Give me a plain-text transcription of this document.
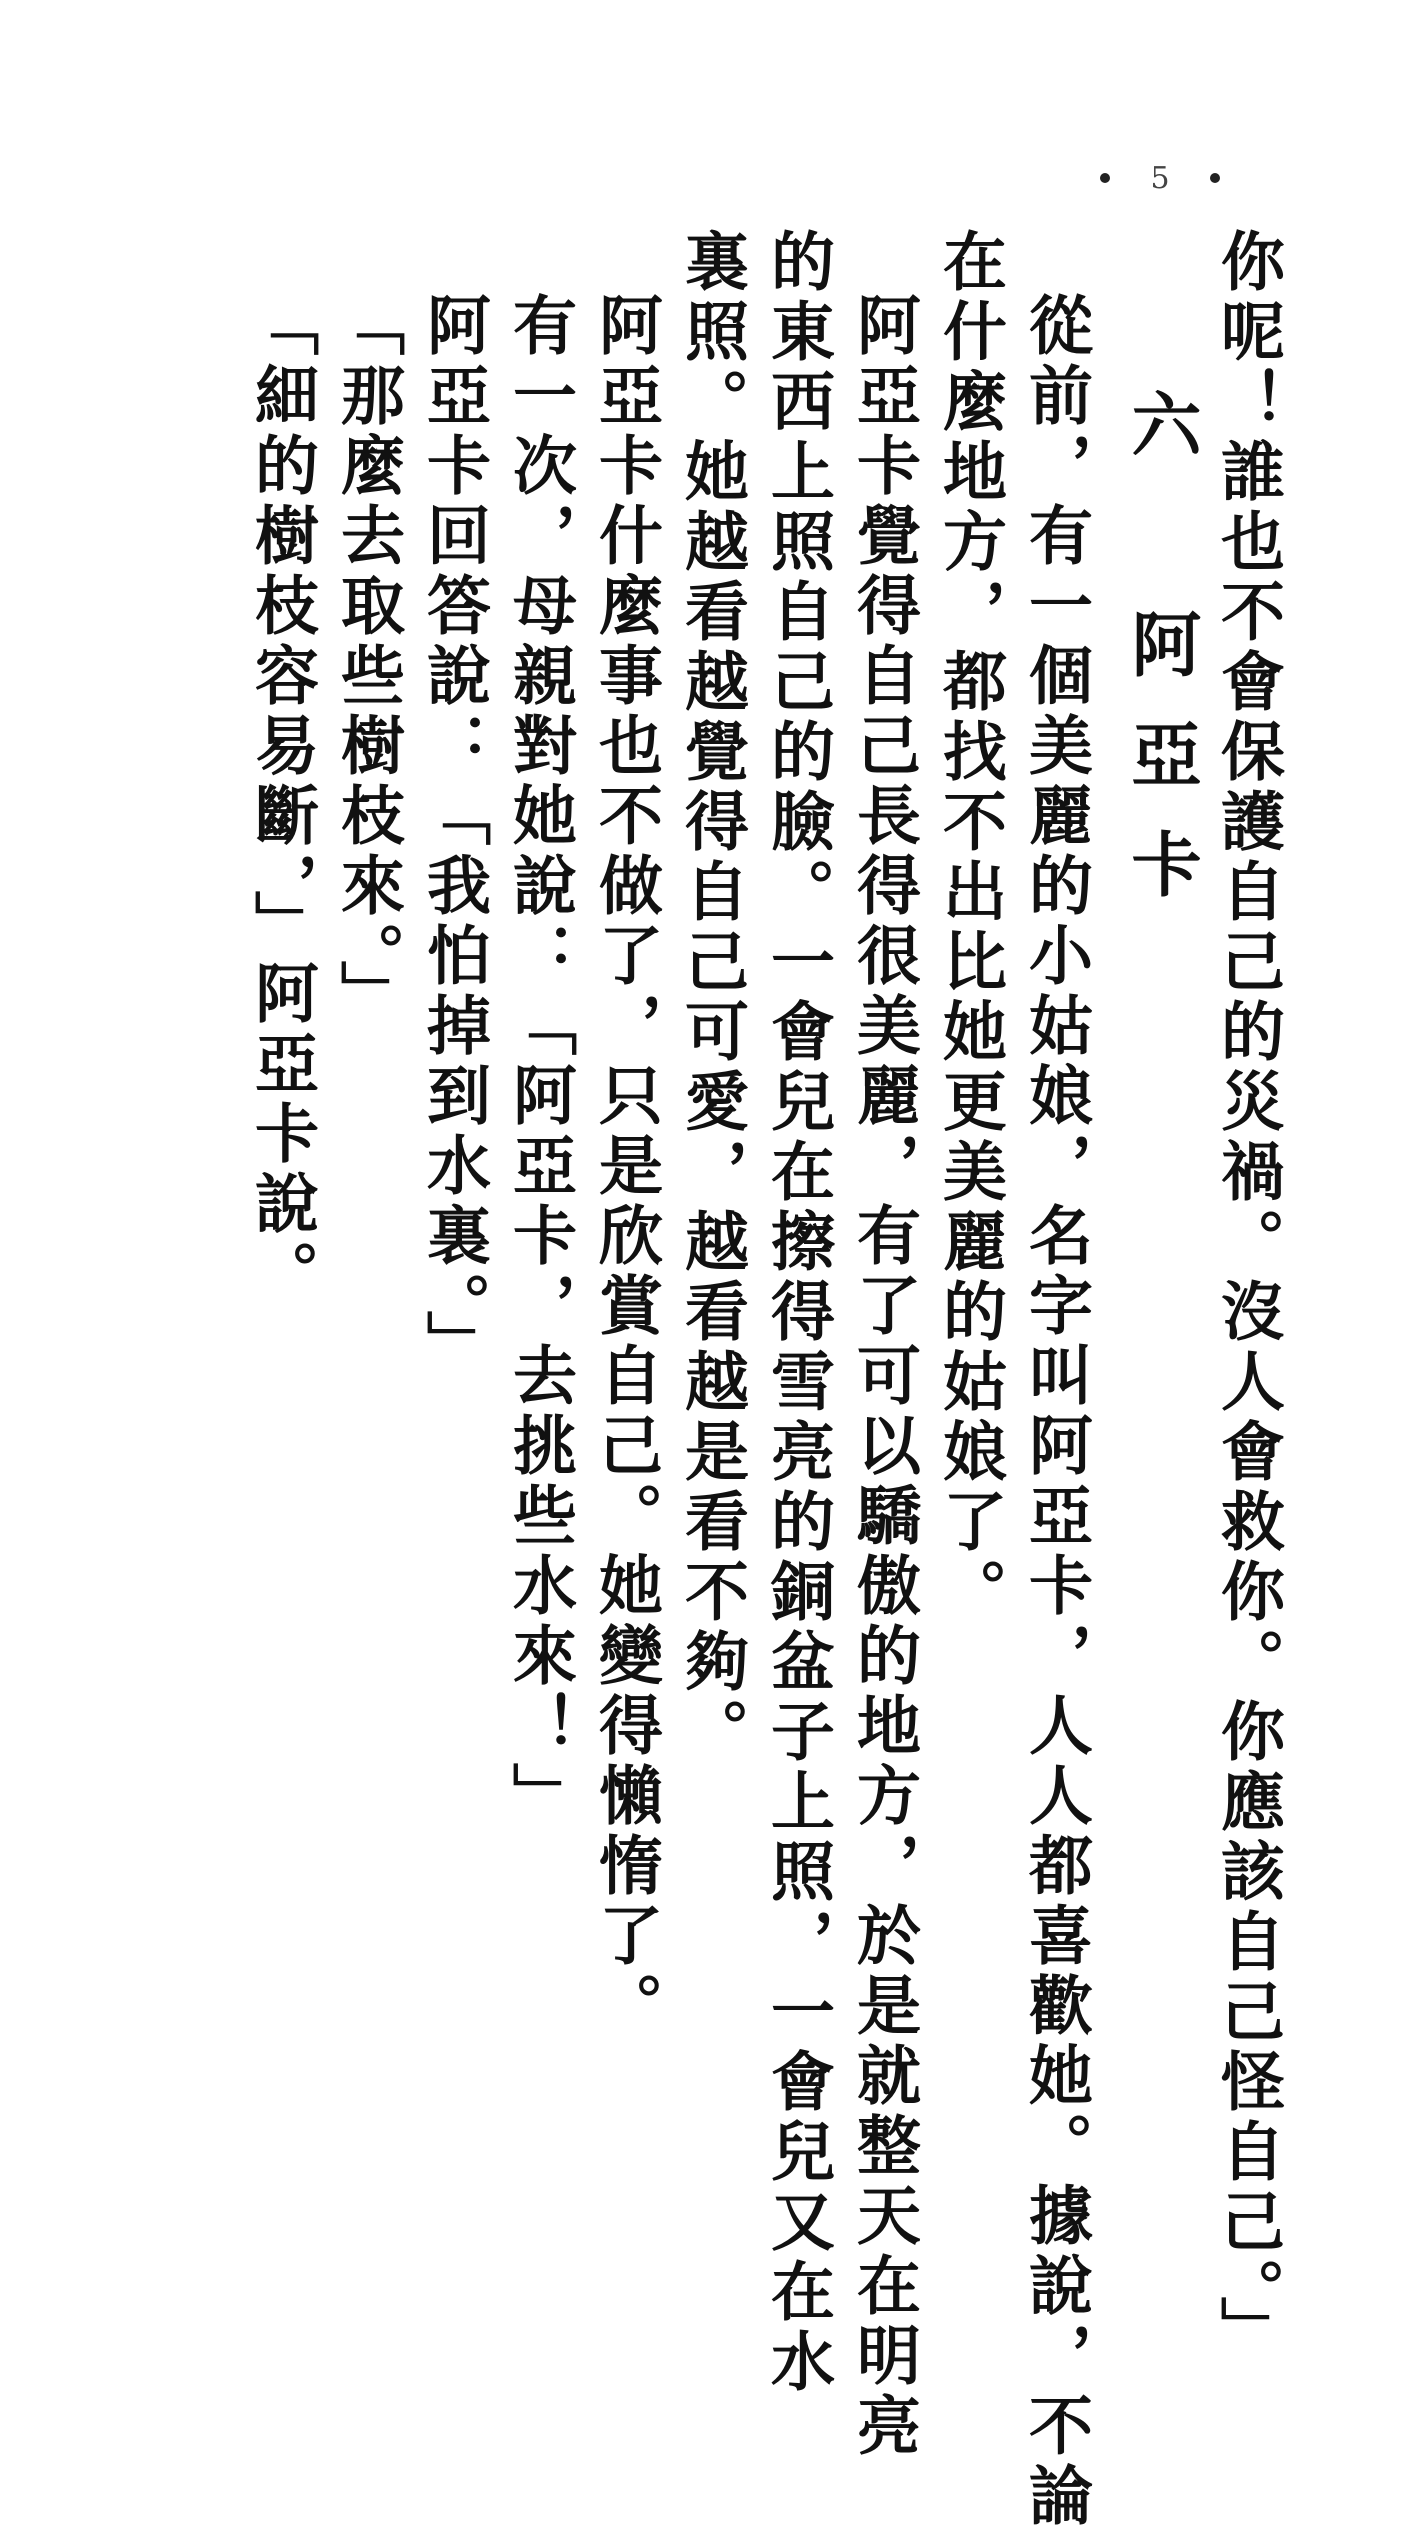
5

你呢！誰也不會保護自己的災禍。沒人會救你。你應該自己怪自己。」

六　阿亞卡

從前，有一個美麗的小姑娘，名字叫阿亞卡，人人都喜歡她。據說，不論

在什麼地方，都找不出比她更美麗的姑娘了。

阿亞卡覺得自己長得很美麗，有了可以驕傲的地方，於是就整天在明亮

的東西上照自己的臉。一會兒在擦得雪亮的銅盆子上照，一會兒又在水

裏照。她越看越覺得自己可愛，越看越是看不夠。

阿亞卡什麼事也不做了，只是欣賞自己。她變得懶惰了。

有一次，母親對她說：「阿亞卡，去挑些水來！」

阿亞卡回答說：「我怕掉到水裏。」

「那麼去取些樹枝來。」

「細的樹枝容易斷，」阿亞卡說。
